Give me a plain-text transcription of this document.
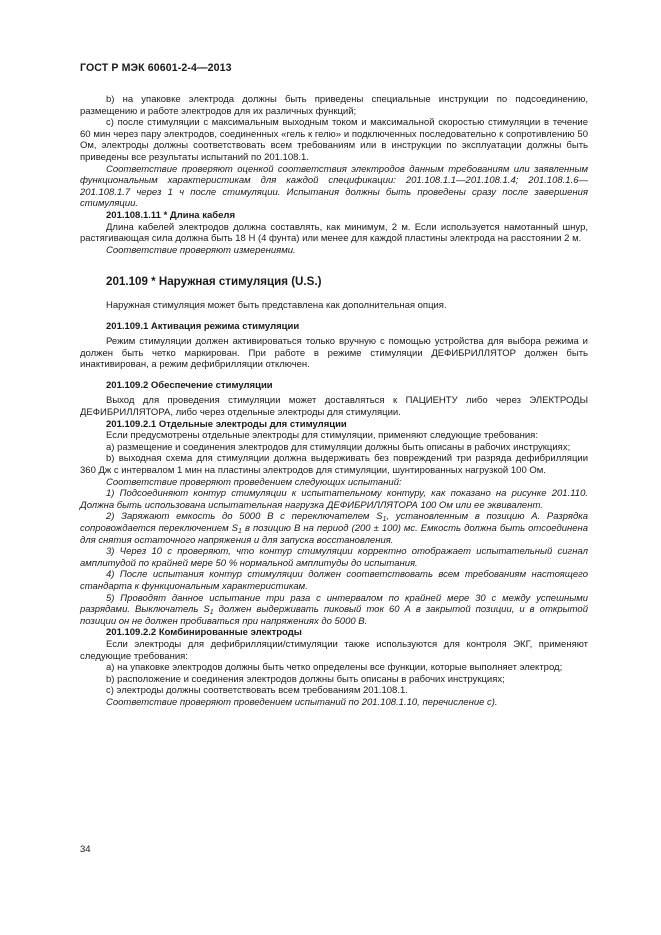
ГОСТ Р МЭК 60601-2-4—2013

b) на упаковке электрода должны быть приведены специальные инструкции по подсоединению, размещению и работе электродов для их различных функций;

c) после стимуляции с максимальным выходным током и максимальной скоростью стимуляции в течение 60 мин через пару электродов, соединенных «гель к гелю» и подключенных последовательно к сопротивлению 50 Ом, электроды должны соответствовать всем требованиям или в инструкции по эксплуатации должны быть приведены все результаты испытаний по 201.108.1.

Соответствие проверяют оценкой соответствия электродов данным требованиям или заявленным функциональным характеристикам для каждой спецификации: 201.108.1.1—201.108.1.4; 201.108.1.6—201.108.1.7 через 1 ч после стимуляции. Испытания должны быть проведены сразу после завершения стимуляции.

201.108.1.11 * Длина кабеля

Длина кабелей электродов должна составлять, как минимум, 2 м. Если используется намотанный шнур, растягивающая сила должна быть 18 Н (4 фунта) или менее для каждой пластины электрода на расстоянии 2 м.

Соответствие проверяют измерениями.

201.109 * Наружная стимуляция (U.S.)

Наружная стимуляция может быть представлена как дополнительная опция.

201.109.1 Активация режима стимуляции

Режим стимуляции должен активироваться только вручную с помощью устройства для выбора режима и должен быть четко маркирован. При работе в режиме стимуляции ДЕФИБРИЛЛЯТОР должен быть инактивирован, а режим дефибрилляции отключен.

201.109.2 Обеспечение стимуляции

Выход для проведения стимуляции может доставляться к ПАЦИЕНТУ либо через ЭЛЕКТРОДЫ ДЕФИБРИЛЛЯТОРА, либо через отдельные электроды для стимуляции.

201.109.2.1 Отдельные электроды для стимуляции

Если предусмотрены отдельные электроды для стимуляции, применяют следующие требования:

а) размещение и соединения электродов для стимуляции должны быть описаны в рабочих инструкциях;

b) выходная схема для стимуляции должна выдерживать без повреждений три разряда дефибрилляции 360 Дж с интервалом 1 мин на пластины электродов для стимуляции, шунтированных нагрузкой 100 Ом.

Соответствие проверяют проведением следующих испытаний:

1) Подсоединяют контур стимуляции к испытательному контуру, как показано на рисунке 201.110. Должна быть использована испытательная нагрузка ДЕФИБРИЛЛЯТОРА 100 Ом или ее эквивалент.

2) Заряжают емкость до 5000 В с переключателем $S_1$, установленным в позицию А. Разрядка сопровождается переключением $S_1$ в позицию В на период (200 ± 100) мс. Емкость должна быть отсоединена для снятия остаточного напряжения и для запуска восстановления.

3) Через 10 с проверяют, что контур стимуляции корректно отображает испытательный сигнал амплитудой по крайней мере 50 % нормальной амплитуды до испытания.

4) После испытания контур стимуляции должен соответствовать всем требованиям настоящего стандарта к функциональным характеристикам.

5) Проводят данное испытание три раза с интервалом по крайней мере 30 с между успешными разрядами. Выключатель $S_1$ должен выдерживать пиковый ток 60 А в закрытой позиции, и в открытой позиции он не должен пробиваться при напряжениях до 5000 В.

201.109.2.2 Комбинированные электроды

Если электроды для дефибрилляции/стимуляции также используются для контроля ЭКГ, применяют следующие требования:

а) на упаковке электродов должны быть четко определены все функции, которые выполняет электрод;

b) расположение и соединения электродов должны быть описаны в рабочих инструкциях;

c) электроды должны соответствовать всем требованиям 201.108.1.

Соответствие проверяют проведением испытаний по 201.108.1.10, перечисление с).

34
